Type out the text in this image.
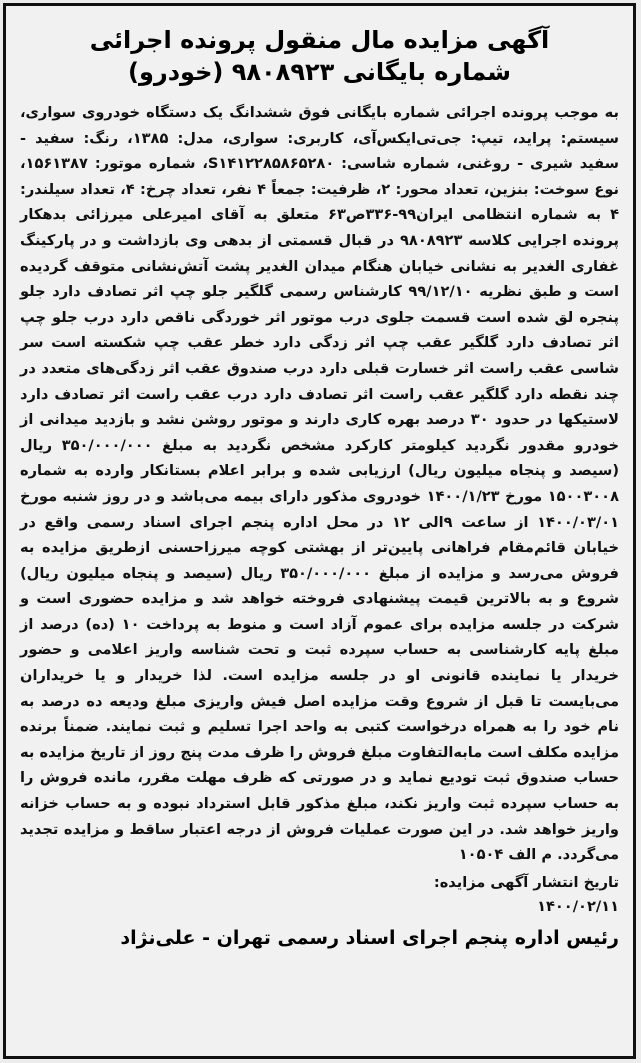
آگهی مزایده مال منقول پرونده اجرائی
شماره بایگانی ۹۸۰۸۹۲۳ (خودرو)

به موجب پرونده اجرائی شماره بایگانی فوق ششدانگ یک دستگاه خودروی سواری، سیستم: پراید، تیپ: جی‌تی‌ایکس‌آی، کاربری: سواری، مدل: ۱۳۸۵، رنگ: سفید - سفید شیری - روغنی، شماره شاسی: S۱۴۱۲۲۸۵۸۶۵۲۸۰، شماره موتور: ۱۵۶۱۳۸۷، نوع سوخت: بنزین، تعداد محور: ۲، ظرفیت: جمعاً ۴ نفر، تعداد چرخ: ۴، تعداد سیلندر: ۴ به شماره انتظامی ایران۹۹-۳۳۶ص۶۳ متعلق به آقای امیرعلی میرزائی بدهکار پرونده اجرایی کلاسه ۹۸۰۸۹۲۳ در قبال قسمتی از بدهی وی بازداشت و در پارکینگ غفاری الغدیر به نشانی خیابان هنگام میدان الغدیر پشت آتش‌نشانی متوقف گردیده است و طبق نظریه ۹۹/۱۲/۱۰ کارشناس رسمی گلگیر جلو چپ اثر تصادف دارد جلو پنجره لق شده است قسمت جلوی درب موتور اثر خوردگی ناقص دارد درب جلو چپ اثر تصادف دارد گلگیر عقب چپ اثر زدگی دارد خطر عقب چپ شکسته است سر شاسی عقب راست اثر خسارت قبلی دارد درب صندوق عقب اثر زدگی‌های متعدد در چند نقطه دارد گلگیر عقب راست اثر تصادف دارد درب عقب راست اثر تصادف دارد لاستیکها در حدود ۳۰ درصد بهره کاری دارند و موتور روشن نشد و بازدید میدانی از خودرو مقدور نگردید کیلومتر کارکرد مشخص نگردید به مبلغ ۳۵۰/۰۰۰/۰۰۰ ریال (سیصد و پنجاه میلیون ریال) ارزیابی شده و برابر اعلام بستانکار وارده به شماره ۱۵۰۰۳۰۰۸ مورخ ۱۴۰۰/۱/۲۳ خودروی مذکور دارای بیمه می‌باشد و در روز شنبه مورخ ۱۴۰۰/۰۳/۰۱ از ساعت ۹الی ۱۲ در محل اداره پنجم اجرای اسناد رسمی واقع در خیابان قائم‌مقام فراهانی پایین‌تر از بهشتی کوچه میرزاحسنی ازطریق مزایده به فروش می‌رسد و مزایده از مبلغ ۳۵۰/۰۰۰/۰۰۰ ریال (سیصد و پنجاه میلیون ریال) شروع و به بالاترین قیمت پیشنهادی فروخته خواهد شد و مزایده حضوری است و شرکت در جلسه مزایده برای عموم آزاد است و منوط به پرداخت ۱۰ (ده) درصد از مبلغ پایه کارشناسی به حساب سپرده ثبت و تحت شناسه واریز اعلامی و حضور خریدار یا نماینده قانونی او در جلسه مزایده است. لذا خریدار و یا خریداران می‌بایست تا قبل از شروع وقت مزایده اصل فیش واریزی مبلغ ودیعه ده درصد به نام خود را به همراه درخواست کتبی به واحد اجرا تسلیم و ثبت نمایند. ضمناً برنده مزایده مکلف است مابه‌التفاوت مبلغ فروش را ظرف مدت پنج روز از تاریخ مزایده به حساب صندوق ثبت تودیع نماید و در صورتی که ظرف مهلت مقرر، مانده فروش را به حساب سپرده ثبت واریز نکند، مبلغ مذکور قابل استرداد نبوده و به حساب خزانه واریز خواهد شد. در این صورت عملیات فروش از درجه اعتبار ساقط و مزایده تجدید می‌گردد. م الف ۱۰۵۰۴

تاریخ انتشار آگهی مزایده:
۱۴۰۰/۰۲/۱۱
رئیس اداره پنجم اجرای اسناد رسمی تهران - علی‌نژاد
